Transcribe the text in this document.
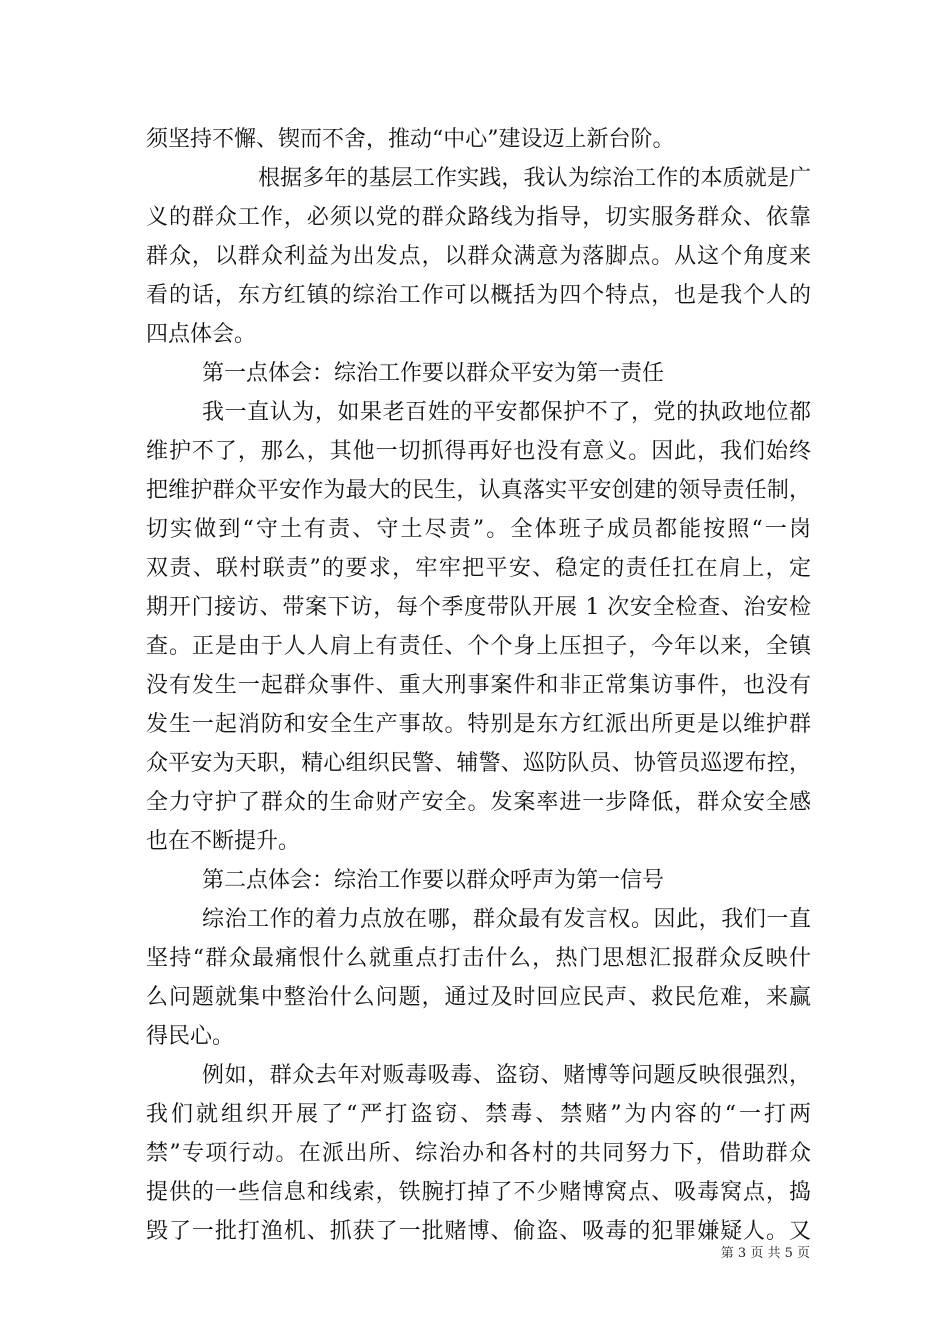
须坚持不懈、锲而不舍，推动“中心”建设迈上新台阶。
根据多年的基层工作实践，我认为综治工作的本质就是广
义的群众工作，必须以党的群众路线为指导，切实服务群众、依靠
群众，以群众利益为出发点，以群众满意为落脚点。从这个角度来
看的话，东方红镇的综治工作可以概括为四个特点，也是我个人的
四点体会。
第一点体会：综治工作要以群众平安为第一责任
我一直认为，如果老百姓的平安都保护不了，党的执政地位都
维护不了，那么，其他一切抓得再好也没有意义。因此，我们始终
把维护群众平安作为最大的民生，认真落实平安创建的领导责任制，
切实做到“守土有责、守土尽责”。全体班子成员都能按照“一岗
双责、联村联责”的要求，牢牢把平安、稳定的责任扛在肩上，定
期开门接访、带案下访，每个季度带队开展 1 次安全检查、治安检
查。正是由于人人肩上有责任、个个身上压担子，今年以来，全镇
没有发生一起群众事件、重大刑事案件和非正常集访事件，也没有
发生一起消防和安全生产事故。特别是东方红派出所更是以维护群
众平安为天职，精心组织民警、辅警、巡防队员、协管员巡逻布控，
全力守护了群众的生命财产安全。发案率进一步降低，群众安全感
也在不断提升。
第二点体会：综治工作要以群众呼声为第一信号
综治工作的着力点放在哪，群众最有发言权。因此，我们一直
坚持“群众最痛恨什么就重点打击什么，热门思想汇报群众反映什
么问题就集中整治什么问题，通过及时回应民声、救民危难，来赢
得民心。
例如，群众去年对贩毒吸毒、盗窃、赌博等问题反映很强烈，
我们就组织开展了“严打盗窃、禁毒、禁赌”为内容的“一打两
禁”专项行动。在派出所、综治办和各村的共同努力下，借助群众
提供的一些信息和线索，铁腕打掉了不少赌博窝点、吸毒窝点，捣
毁了一批打渔机、抓获了一批赌博、偷盗、吸毒的犯罪嫌疑人。又
第 3 页 共 5 页
